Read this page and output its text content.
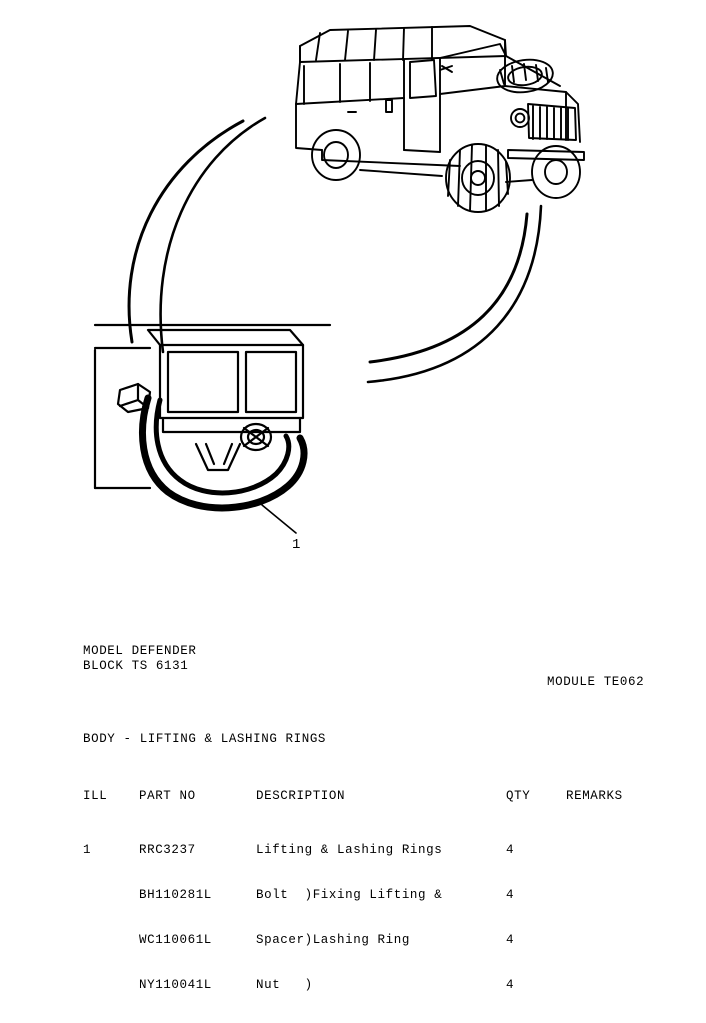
1
MODEL DEFENDER
BLOCK TS 6131
MODULE TE062
BODY - LIFTING & LASHING RINGS
ILL	PART NO	DESCRIPTION	QTY	REMARKS

1	RRC3237	Lifting & Lashing Rings	4

BH110281L	Bolt  )Fixing Lifting &	4

WC110061L	Spacer)Lashing Ring	4

NY110041L	Nut   )	4
